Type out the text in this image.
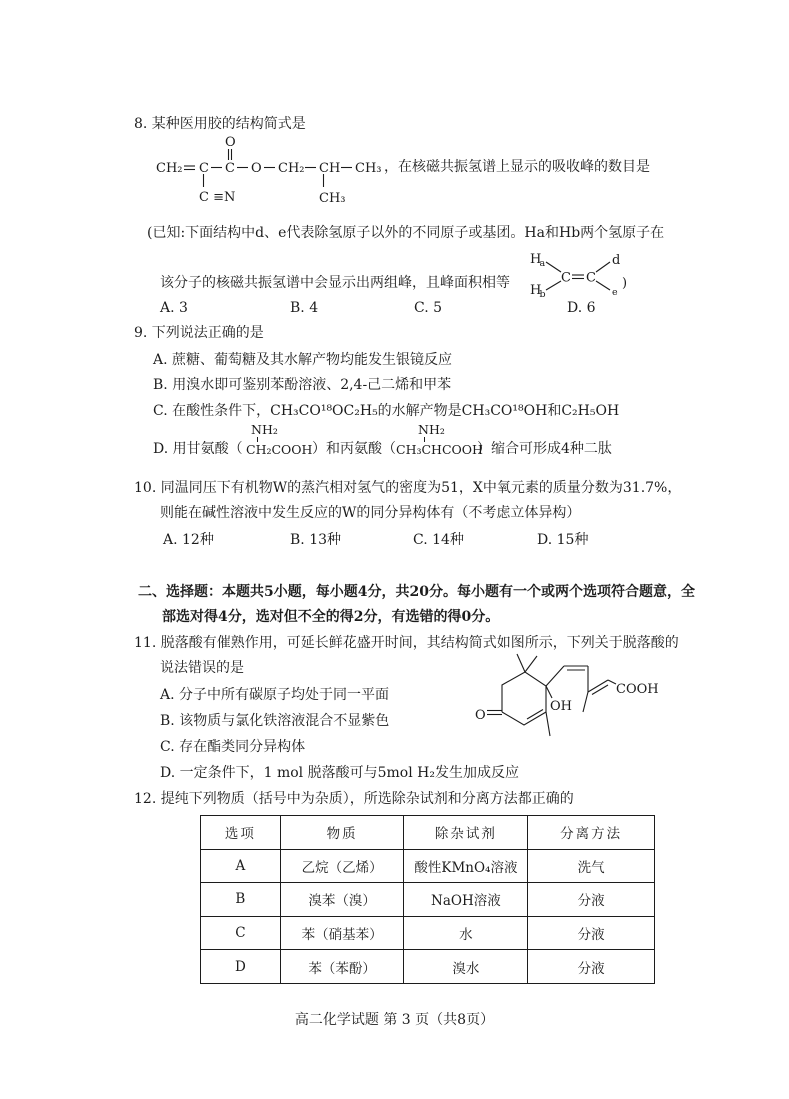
8. 某种医用胶的结构简式是
CH₂ C C
O
O CH₂ CH CH₃
C ≡N	CH₃
，在核磁共振氢谱上显示的吸收峰的数目是
(已知:下面结构中d、e代表除氢原子以外的不同原子或基团。Ha和Hb两个氢原子在
该分子的核磁共振氢谱中会显示出两组峰，且峰面积相等
H
a
H
b
C C
d
e
)
A. 3	B. 4	C. 5	D. 6
9. 下列说法正确的是
A. 蔗糖、葡萄糖及其水解产物均能发生银镜反应
B. 用溴水即可鉴别苯酚溶液、2,4-己二烯和甲苯
C. 在酸性条件下，CH₃CO¹⁸OC₂H₅的水解产物是CH₃CO¹⁸OH和C₂H₅OH
D. 用甘氨酸（
NH₂
CH₂COOH ）和丙氨酸（
NH₂
CH₃CHCOOH
）缩合可形成4种二肽
10. 同温同压下有机物W的蒸汽相对氢气的密度为51，X中氧元素的质量分数为31.7%，
则能在碱性溶液中发生反应的W的同分异构体有（不考虑立体异构）
A. 12种	B. 13种	C. 14种	D. 15种
二、选择题：本题共5小题，每小题4分，共20分。每小题有一个或两个选项符合题意，全
部选对得4分，选对但不全的得2分，有选错的得0分。
11. 脱落酸有催熟作用，可延长鲜花盛开时间，其结构简式如图所示，下列关于脱落酸的
说法错误的是
A. 分子中所有碳原子均处于同一平面
B. 该物质与氯化铁溶液混合不显紫色
C. 存在酯类同分异构体
D. 一定条件下，1 mol 脱落酸可与5mol H₂发生加成反应
O
OH
COOH
12. 提纯下列物质（括号中为杂质），所选除杂试剂和分离方法都正确的
选项	物质	除杂试剂	分离方法
A	乙烷（乙烯）	酸性KMnO₄溶液	洗气
B	溴苯（溴）	NaOH溶液	分液
C	苯（硝基苯）	水	分液
D	苯（苯酚）	溴水	分液
高二化学试题 第 3 页（共8页）
